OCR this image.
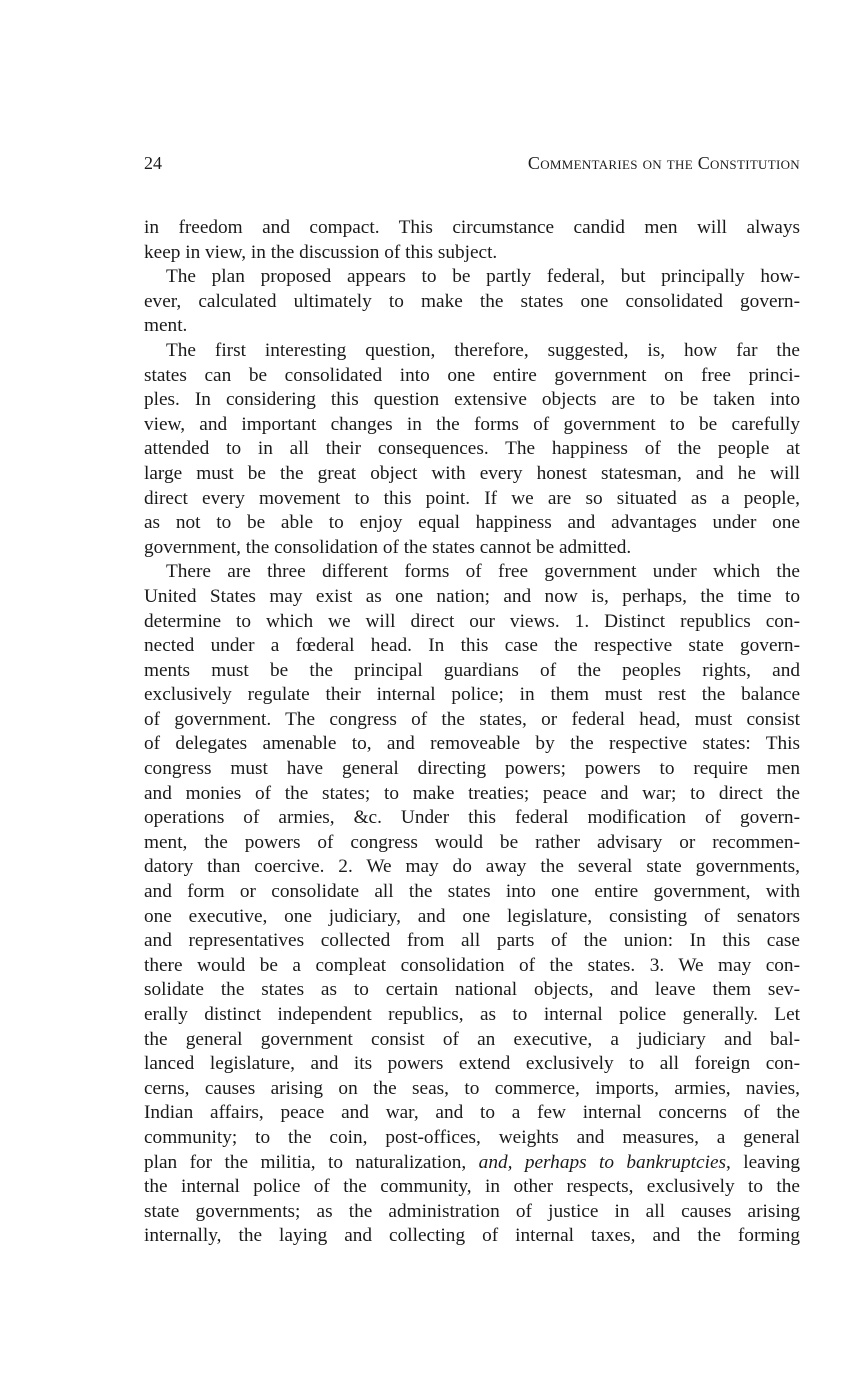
24	Commentaries on the Constitution
in freedom and compact. This circumstance candid men will always
keep in view, in the discussion of this subject.
The plan proposed appears to be partly federal, but principally how-
ever, calculated ultimately to make the states one consolidated govern-
ment.
The first interesting question, therefore, suggested, is, how far the
states can be consolidated into one entire government on free princi-
ples. In considering this question extensive objects are to be taken into
view, and important changes in the forms of government to be carefully
attended to in all their consequences. The happiness of the people at
large must be the great object with every honest statesman, and he will
direct every movement to this point. If we are so situated as a people,
as not to be able to enjoy equal happiness and advantages under one
government, the consolidation of the states cannot be admitted.
There are three different forms of free government under which the
United States may exist as one nation; and now is, perhaps, the time to
determine to which we will direct our views. 1. Distinct republics con-
nected under a fœderal head. In this case the respective state govern-
ments must be the principal guardians of the peoples rights, and
exclusively regulate their internal police; in them must rest the balance
of government. The congress of the states, or federal head, must consist
of delegates amenable to, and removeable by the respective states: This
congress must have general directing powers; powers to require men
and monies of the states; to make treaties; peace and war; to direct the
operations of armies, &c. Under this federal modification of govern-
ment, the powers of congress would be rather advisary or recommen-
datory than coercive. 2. We may do away the several state governments,
and form or consolidate all the states into one entire government, with
one executive, one judiciary, and one legislature, consisting of senators
and representatives collected from all parts of the union: In this case
there would be a compleat consolidation of the states. 3. We may con-
solidate the states as to certain national objects, and leave them sev-
erally distinct independent republics, as to internal police generally. Let
the general government consist of an executive, a judiciary and bal-
lanced legislature, and its powers extend exclusively to all foreign con-
cerns, causes arising on the seas, to commerce, imports, armies, navies,
Indian affairs, peace and war, and to a few internal concerns of the
community; to the coin, post-offices, weights and measures, a general
plan for the militia, to naturalization, and, perhaps to bankruptcies, leaving
the internal police of the community, in other respects, exclusively to the
state governments; as the administration of justice in all causes arising
internally, the laying and collecting of internal taxes, and the forming
